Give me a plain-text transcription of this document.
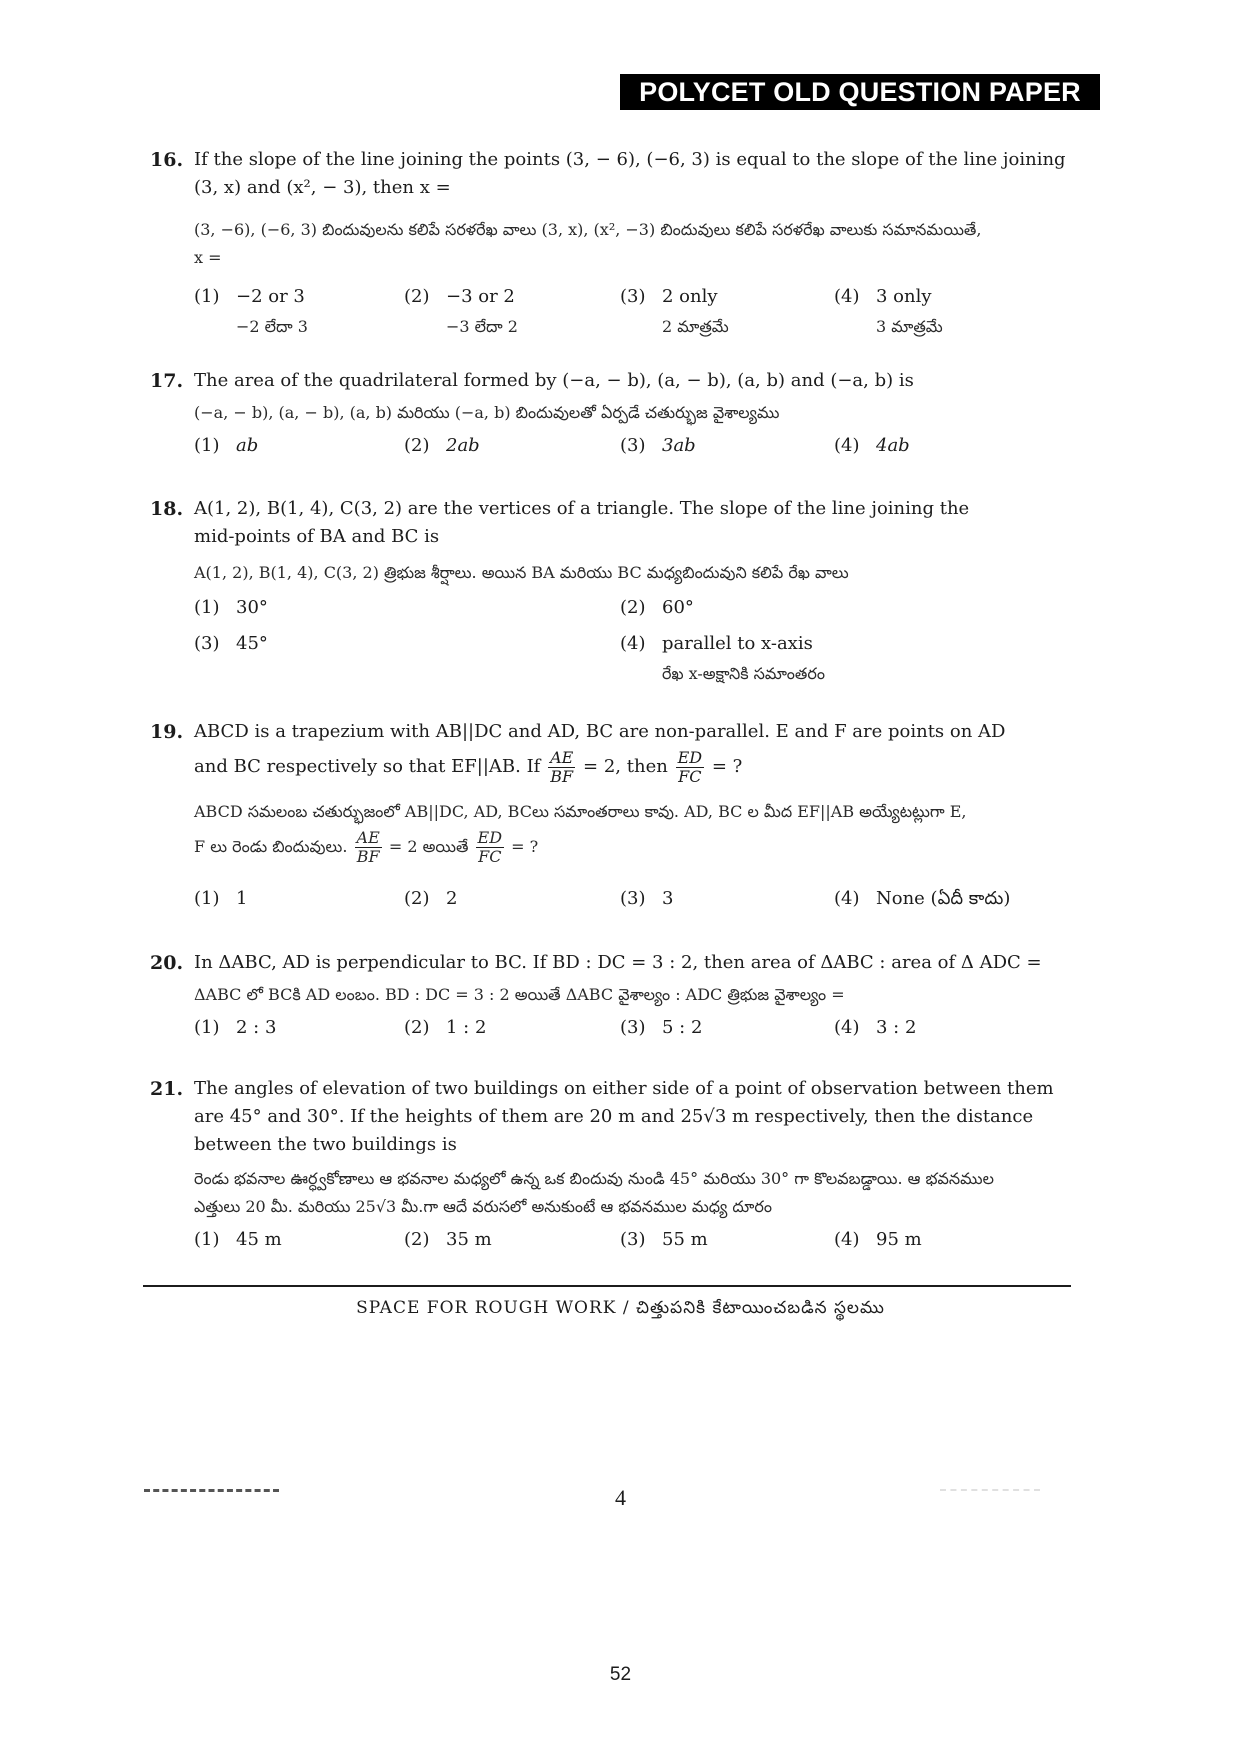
POLYCET OLD QUESTION PAPER
16. If the slope of the line joining the points (3, − 6), (−6, 3) is equal to the slope of the line joining
(3, x) and (x², − 3), then x =
(3, −6), (−6, 3) బిందువులను కలిపే సరళరేఖ వాలు (3, x), (x², −3) బిందువులు కలిపే సరళరేఖ వాలుకు సమానమయితే,
x =
(1) −2 or 3	(2) −3 or 2	(3) 2 only	(4) 3 only
−2 లేదా 3	−3 లేదా 2	2 మాత్రమే	3 మాత్రమే
17. The area of the quadrilateral formed by (−a, − b), (a, − b), (a, b) and (−a, b) is
(−a, − b), (a, − b), (a, b) మరియు (−a, b) బిందువులతో ఏర్పడే చతుర్భుజ వైశాల్యము
(1) ab	(2) 2ab	(3) 3ab	(4) 4ab
18. A(1, 2), B(1, 4), C(3, 2) are the vertices of a triangle. The slope of the line joining the
mid-points of BA and BC is
A(1, 2), B(1, 4), C(3, 2) త్రిభుజ శీర్షాలు. అయిన BA మరియు BC మధ్యబిందువుని కలిపే రేఖ వాలు
(1) 30°	(2) 60°
(3) 45°	(4) parallel to x-axis
రేఖ x-అక్షానికి సమాంతరం
19. ABCD is a trapezium with AB||DC and AD, BC are non-parallel. E and F are points on AD
and BC respectively so that EF||AB. If $\frac{AE}{BF} = 2$, then $\frac{ED}{FC}$ = ?
ABCD సమలంబ చతుర్భుజంలో AB||DC, AD, BCలు సమాంతరాలు కావు. AD, BC ల మీద EF||AB అయ్యేటట్లుగా E,
F లు రెండు బిందువులు. $\frac{AE}{BF} = 2$ అయితే $\frac{ED}{FC}$ = ?
(1) 1	(2) 2	(3) 3	(4) None (ఏదీ కాదు)
20. In ΔABC, AD is perpendicular to BC. If BD : DC = 3 : 2, then area of ΔABC : area of Δ ADC =
ΔABC లో BCకి AD లంబం. BD : DC = 3 : 2 అయితే ΔABC వైశాల్యం : ADC త్రిభుజ వైశాల్యం =
(1) 2 : 3	(2) 1 : 2	(3) 5 : 2	(4) 3 : 2
21. The angles of elevation of two buildings on either side of a point of observation between them
are 45° and 30°. If the heights of them are 20 m and 25√3 m respectively, then the distance
between the two buildings is
రెండు భవనాల ఊర్ధ్వకోణాలు ఆ భవనాల మధ్యలో ఉన్న ఒక బిందువు నుండి 45° మరియు 30° గా కొలవబడ్డాయి. ఆ భవనముల
ఎత్తులు 20 మీ. మరియు 25√3 మీ.గా ఆదే వరుసలో అనుకుంటే ఆ భవనముల మధ్య దూరం
(1) 45 m	(2) 35 m	(3) 55 m	(4) 95 m
SPACE FOR ROUGH WORK / చిత్తుపనికి కేటాయించబడిన స్థలము
4
52
